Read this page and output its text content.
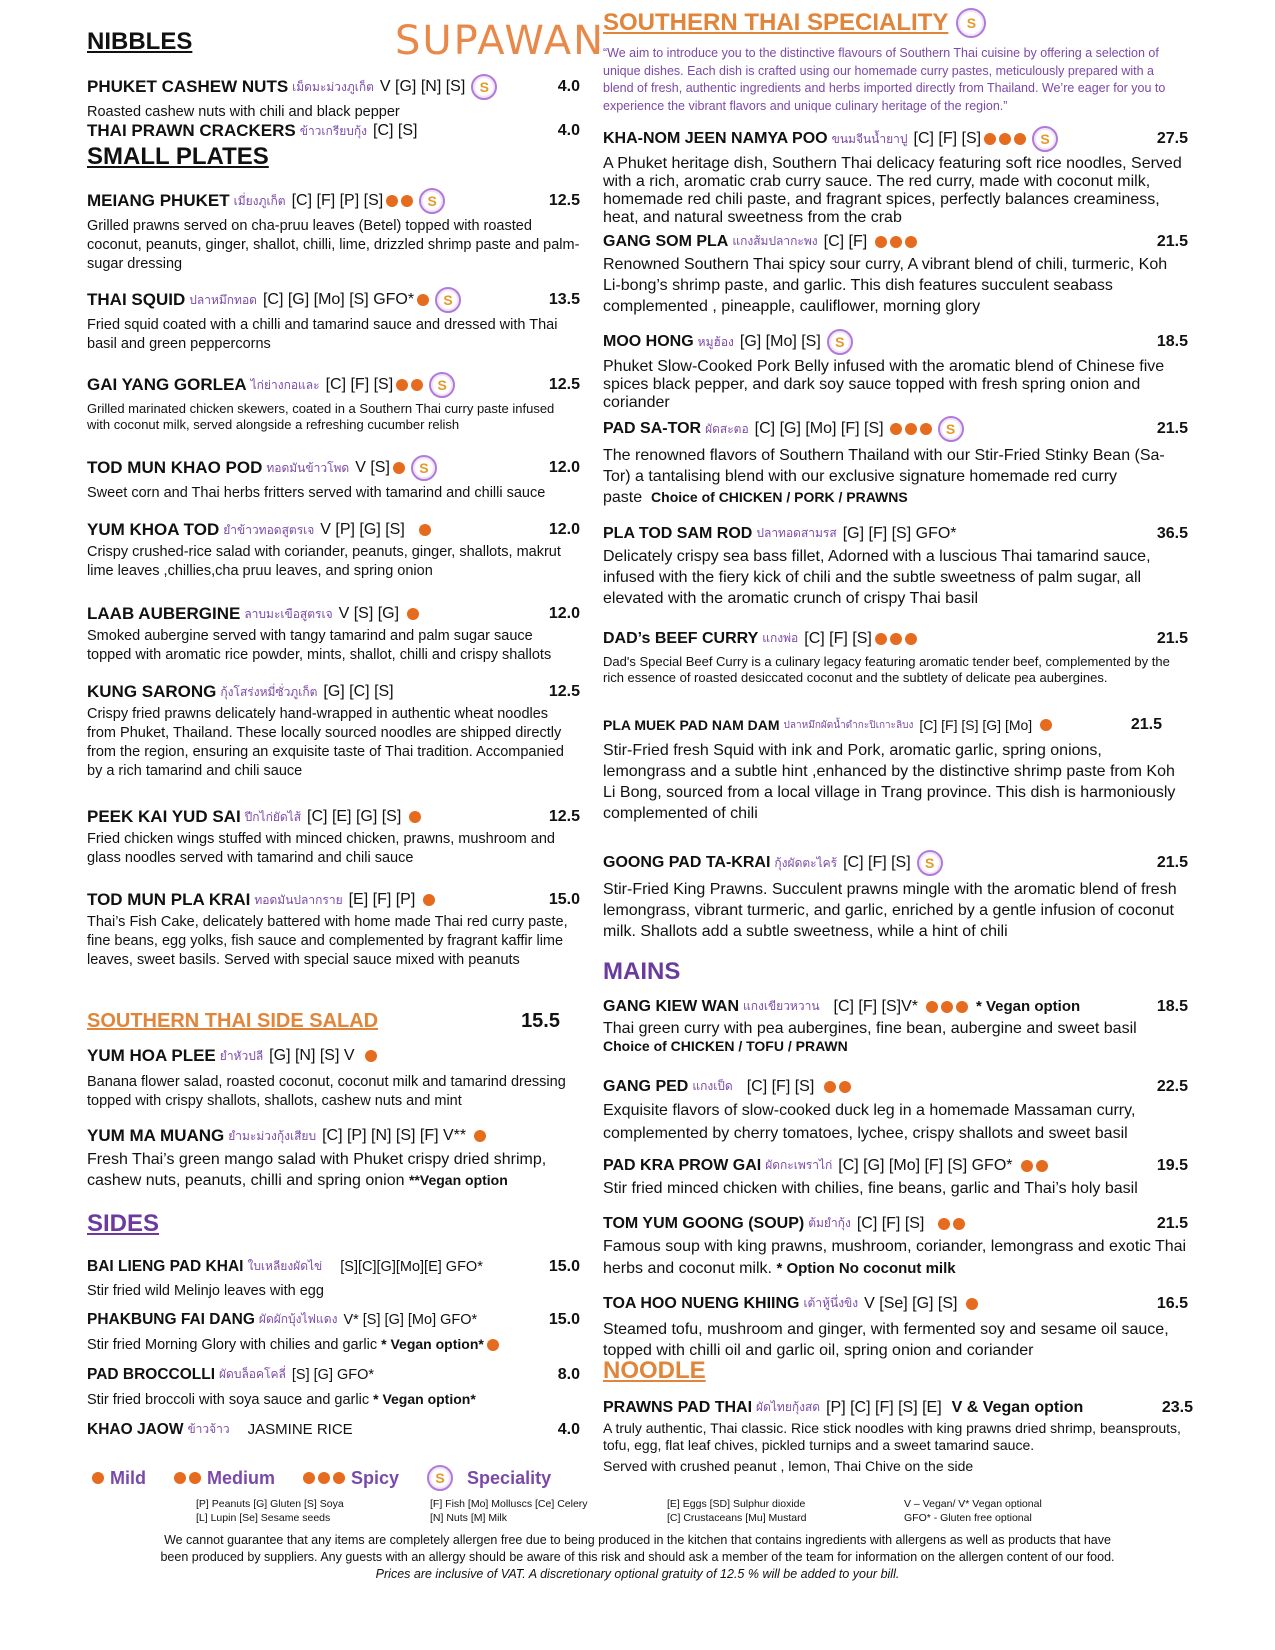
SUPAWAN
NIBBLES
PHUKET CASHEW NUTS เม็ดมะม่วงภูเก็ต V [G] [N] [S]	S	4.0
Roasted cashew nuts with chili and black pepper
THAI PRAWN CRACKERS ข้าวเกรียบกุ้ง [C] [S]	4.0
SMALL PLATES
MEIANG PHUKET เมี่ยงภูเก็ต [C] [F] [P] [S]	S	12.5
Grilled prawns served on cha-pruu leaves (Betel) topped with roasted coconut, peanuts, ginger, shallot, chilli, lime, drizzled shrimp paste and palm- sugar dressing
THAI SQUID ปลาหมึกทอด [C] [G] [Mo] [S] GFO*	S	13.5
Fried squid coated with a chilli and tamarind sauce and dressed with Thai basil and green peppercorns
GAI YANG GORLEA ไก่ย่างกอและ [C] [F] [S]	S	12.5
Grilled marinated chicken skewers, coated in a Southern Thai curry paste infused with coconut milk, served alongside a refreshing cucumber relish
TOD MUN KHAO POD ทอดมันข้าวโพด V [S]	S	12.0
Sweet corn and Thai herbs fritters served with tamarind and chilli sauce
YUM KHOA TOD ยำข้าวทอดสูตรเจ V [P] [G] [S]	12.0
Crispy crushed-rice salad with coriander, peanuts, ginger, shallots, makrut lime leaves ,chillies,cha pruu leaves, and spring onion
LAAB AUBERGINE ลาบมะเขือสูตรเจ V [S] [G]	12.0
Smoked aubergine served with tangy tamarind and palm sugar sauce topped with aromatic rice powder, mints, shallot, chilli and crispy shallots
KUNG SARONG กุ้งโสร่งหมี่ซั่วภูเก็ต [G] [C] [S]	12.5
Crispy fried prawns delicately hand-wrapped in authentic wheat noodles from Phuket, Thailand. These locally sourced noodles are shipped directly from the region, ensuring an exquisite taste of Thai tradition. Accompanied by a rich tamarind and chili sauce
PEEK KAI YUD SAI ปีกไก่ยัดไส้ [C] [E] [G] [S]	12.5
Fried chicken wings stuffed with minced chicken, prawns, mushroom and glass noodles served with tamarind and chili sauce
TOD MUN PLA KRAI ทอดมันปลากราย [E] [F] [P]	15.0
Thai’s Fish Cake, delicately battered with home made Thai red curry paste, fine beans, egg yolks, fish sauce and complemented by fragrant kaffir lime leaves, sweet basils. Served with special sauce mixed with peanuts
SOUTHERN THAI SIDE SALAD	15.5
YUM HOA PLEE ยำหัวปลี [G] [N] [S] V
Banana flower salad, roasted coconut, coconut milk and tamarind dressing topped with crispy shallots, shallots, cashew nuts and mint
YUM MA MUANG ยำมะม่วงกุ้งเสียบ [C] [P] [N] [S] [F] V**
Fresh Thai’s green mango salad with Phuket crispy dried shrimp, cashew nuts, peanuts, chilli and spring onion **Vegan option
SIDES
BAI LIENG PAD KHAI ใบเหลียงผัดไข่ [S][C][G][Mo][E] GFO*	15.0
Stir fried wild Melinjo leaves with egg
PHAKBUNG FAI DANG ผัดผักบุ้งไฟแดง V* [S] [G] [Mo] GFO*	15.0
Stir fried Morning Glory with chilies and garlic * Vegan option*
PAD BROCCOLLI ผัดบล็อคโคลี่ [S] [G] GFO*	8.0
Stir fried broccoli with soya sauce and garlic * Vegan option*
KHAO JAOW ข้าวจ้าว JASMINE RICE	4.0
SOUTHERN THAI SPECIALITY	S
“We aim to introduce you to the distinctive flavours of Southern Thai cuisine by offering a selection of unique dishes. Each dish is crafted using our homemade curry pastes, meticulously prepared with a blend of fresh, authentic ingredients and herbs imported directly from Thailand. We’re eager for you to experience the vibrant flavors and unique culinary heritage of the region.”
KHA-NOM JEEN NAMYA POO ขนมจีนน้ำยาปู [C] [F] [S]	S	27.5
A Phuket heritage dish, Southern Thai delicacy featuring soft rice noodles, Served with a rich, aromatic crab curry sauce. The red curry, made with coconut milk, homemade red chili paste, and fragrant spices, perfectly balances creaminess, heat, and natural sweetness from the crab
GANG SOM PLA แกงส้มปลากะพง [C] [F]	21.5
Renowned Southern Thai spicy sour curry, A vibrant blend of chili, turmeric, Koh Li-bong’s shrimp paste, and garlic. This dish features succulent seabass complemented , pineapple, cauliflower, morning glory
MOO HONG หมูฮ้อง [G] [Mo] [S]	S	18.5
Phuket Slow-Cooked Pork Belly infused with the aromatic blend of Chinese five spices black pepper, and dark soy sauce topped with fresh spring onion and coriander
PAD SA-TOR ผัดสะตอ [C] [G] [Mo] [F] [S]	S	21.5
The renowned flavors of Southern Thailand with our Stir-Fried Stinky Bean (Sa-Tor) a tantalising blend with our exclusive signature homemade red curry paste Choice of CHICKEN / PORK / PRAWNS
PLA TOD SAM ROD ปลาทอดสามรส [G] [F] [S] GFO*	36.5
Delicately crispy sea bass fillet, Adorned with a luscious Thai tamarind sauce, infused with the fiery kick of chili and the subtle sweetness of palm sugar, all elevated with the aromatic crunch of crispy Thai basil
DAD’s BEEF CURRY แกงพ่อ [C] [F] [S]	21.5
Dad's Special Beef Curry is a culinary legacy featuring aromatic tender beef, complemented by the rich essence of roasted desiccated coconut and the subtlety of delicate pea aubergines.
PLA MUEK PAD NAM DAM ปลาหมึกผัดน้ำดำกะปิเกาะลิบง [C] [F] [S] [G] [Mo]	21.5
Stir-Fried fresh Squid with ink and Pork, aromatic garlic, spring onions, lemongrass and a subtle hint ,enhanced by the distinctive shrimp paste from Koh Li Bong, sourced from a local village in Trang province. This dish is harmoniously complemented of chili
GOONG PAD TA-KRAI กุ้งผัดตะไคร้ [C] [F] [S]	S	21.5
Stir-Fried King Prawns. Succulent prawns mingle with the aromatic blend of fresh lemongrass, vibrant turmeric, and garlic, enriched by a gentle infusion of coconut milk. Shallots add a subtle sweetness, while a hint of chili
MAINS
GANG KIEW WAN แกงเขียวหวาน [C] [F] [S]V*	* Vegan option	18.5
Thai green curry with pea aubergines, fine bean, aubergine and sweet basil
Choice of CHICKEN / TOFU / PRAWN
GANG PED แกงเป็ด [C] [F] [S]	22.5
Exquisite flavors of slow-cooked duck leg in a homemade Massaman curry, complemented by cherry tomatoes, lychee, crispy shallots and sweet basil
PAD KRA PROW GAI ผัดกะเพราไก่ [C] [G] [Mo] [F] [S] GFO*	19.5
Stir fried minced chicken with chilies, fine beans, garlic and Thai’s holy basil
TOM YUM GOONG (SOUP) ต้มยำกุ้ง [C] [F] [S]	21.5
Famous soup with king prawns, mushroom, coriander, lemongrass and exotic Thai herbs and coconut milk. * Option No coconut milk
TOA HOO NUENG KHIING เต้าหู้นึ่งขิง V [Se] [G] [S]	16.5
Steamed tofu, mushroom and ginger, with fermented soy and sesame oil sauce, topped with chilli oil and garlic oil, spring onion and coriander
NOODLE
PRAWNS PAD THAI ผัดไทยกุ้งสด [P] [C] [F] [S] [E] V & Vegan option	23.5
A truly authentic, Thai classic. Rice stick noodles with king prawns dried shrimp, beansprouts, tofu, egg, flat leaf chives, pickled turnips and a sweet tamarind sauce.
Served with crushed peanut , lemon, Thai Chive on the side
Mild	Medium	Spicy	S	Speciality
[P] Peanuts [G] Gluten [S] Soya
[L] Lupin [Se] Sesame seeds
[F] Fish [Mo] Molluscs [Ce] Celery
[N] Nuts [M] Milk
[E] Eggs [SD] Sulphur dioxide
[C] Crustaceans [Mu] Mustard
V – Vegan/ V* Vegan optional
GFO* - Gluten free optional
We cannot guarantee that any items are completely allergen free due to being produced in the kitchen that contains ingredients with allergens as well as products that have been produced by suppliers. Any guests with an allergy should be aware of this risk and should ask a member of the team for information on the allergen content of our food. Prices are inclusive of VAT. A discretionary optional gratuity of 12.5 % will be added to your bill.
